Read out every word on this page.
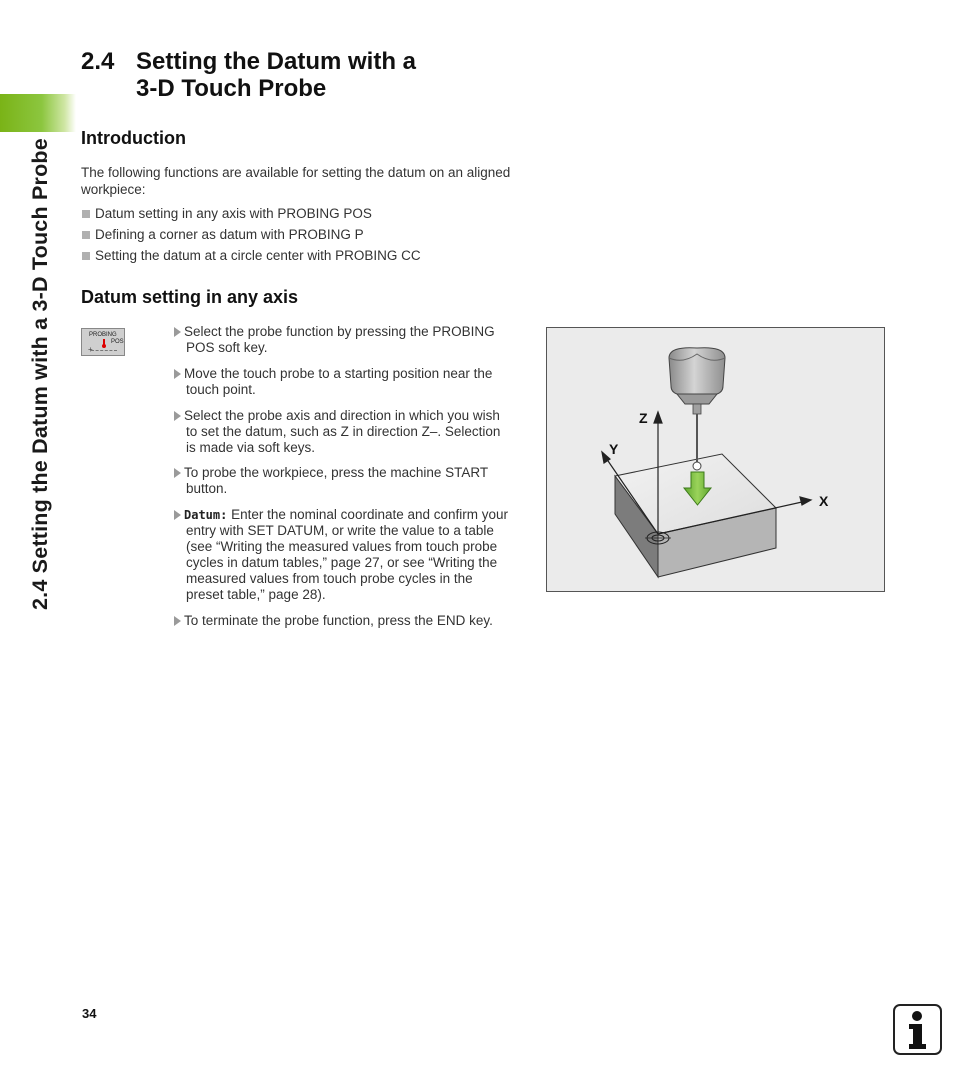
2.4 Setting the Datum with a 3-D Touch Probe
2.4 Setting the Datum with a
3-D Touch Probe
Introduction
The following functions are available for setting the datum on an aligned workpiece:
Datum setting in any axis with PROBING POS
Defining a corner as datum with PROBING P
Setting the datum at a circle center with PROBING CC
Datum setting in any axis
PROBING
POS
+
Select the probe function by pressing the PROBING
POS soft key.
Move the touch probe to a starting position near the
touch point.
Select the probe axis and direction in which you wish
to set the datum, such as Z in direction Z–. Selection
is made via soft keys.
To probe the workpiece, press the machine START
button.
Datum: Enter the nominal coordinate and confirm your
entry with SET DATUM, or write the value to a table
(see “Writing the measured values from touch probe
cycles in datum tables,” page 27, or see “Writing the
measured values from touch probe cycles in the
preset table,” page 28).
To terminate the probe function, press the END key.
Z
Y
X
34
